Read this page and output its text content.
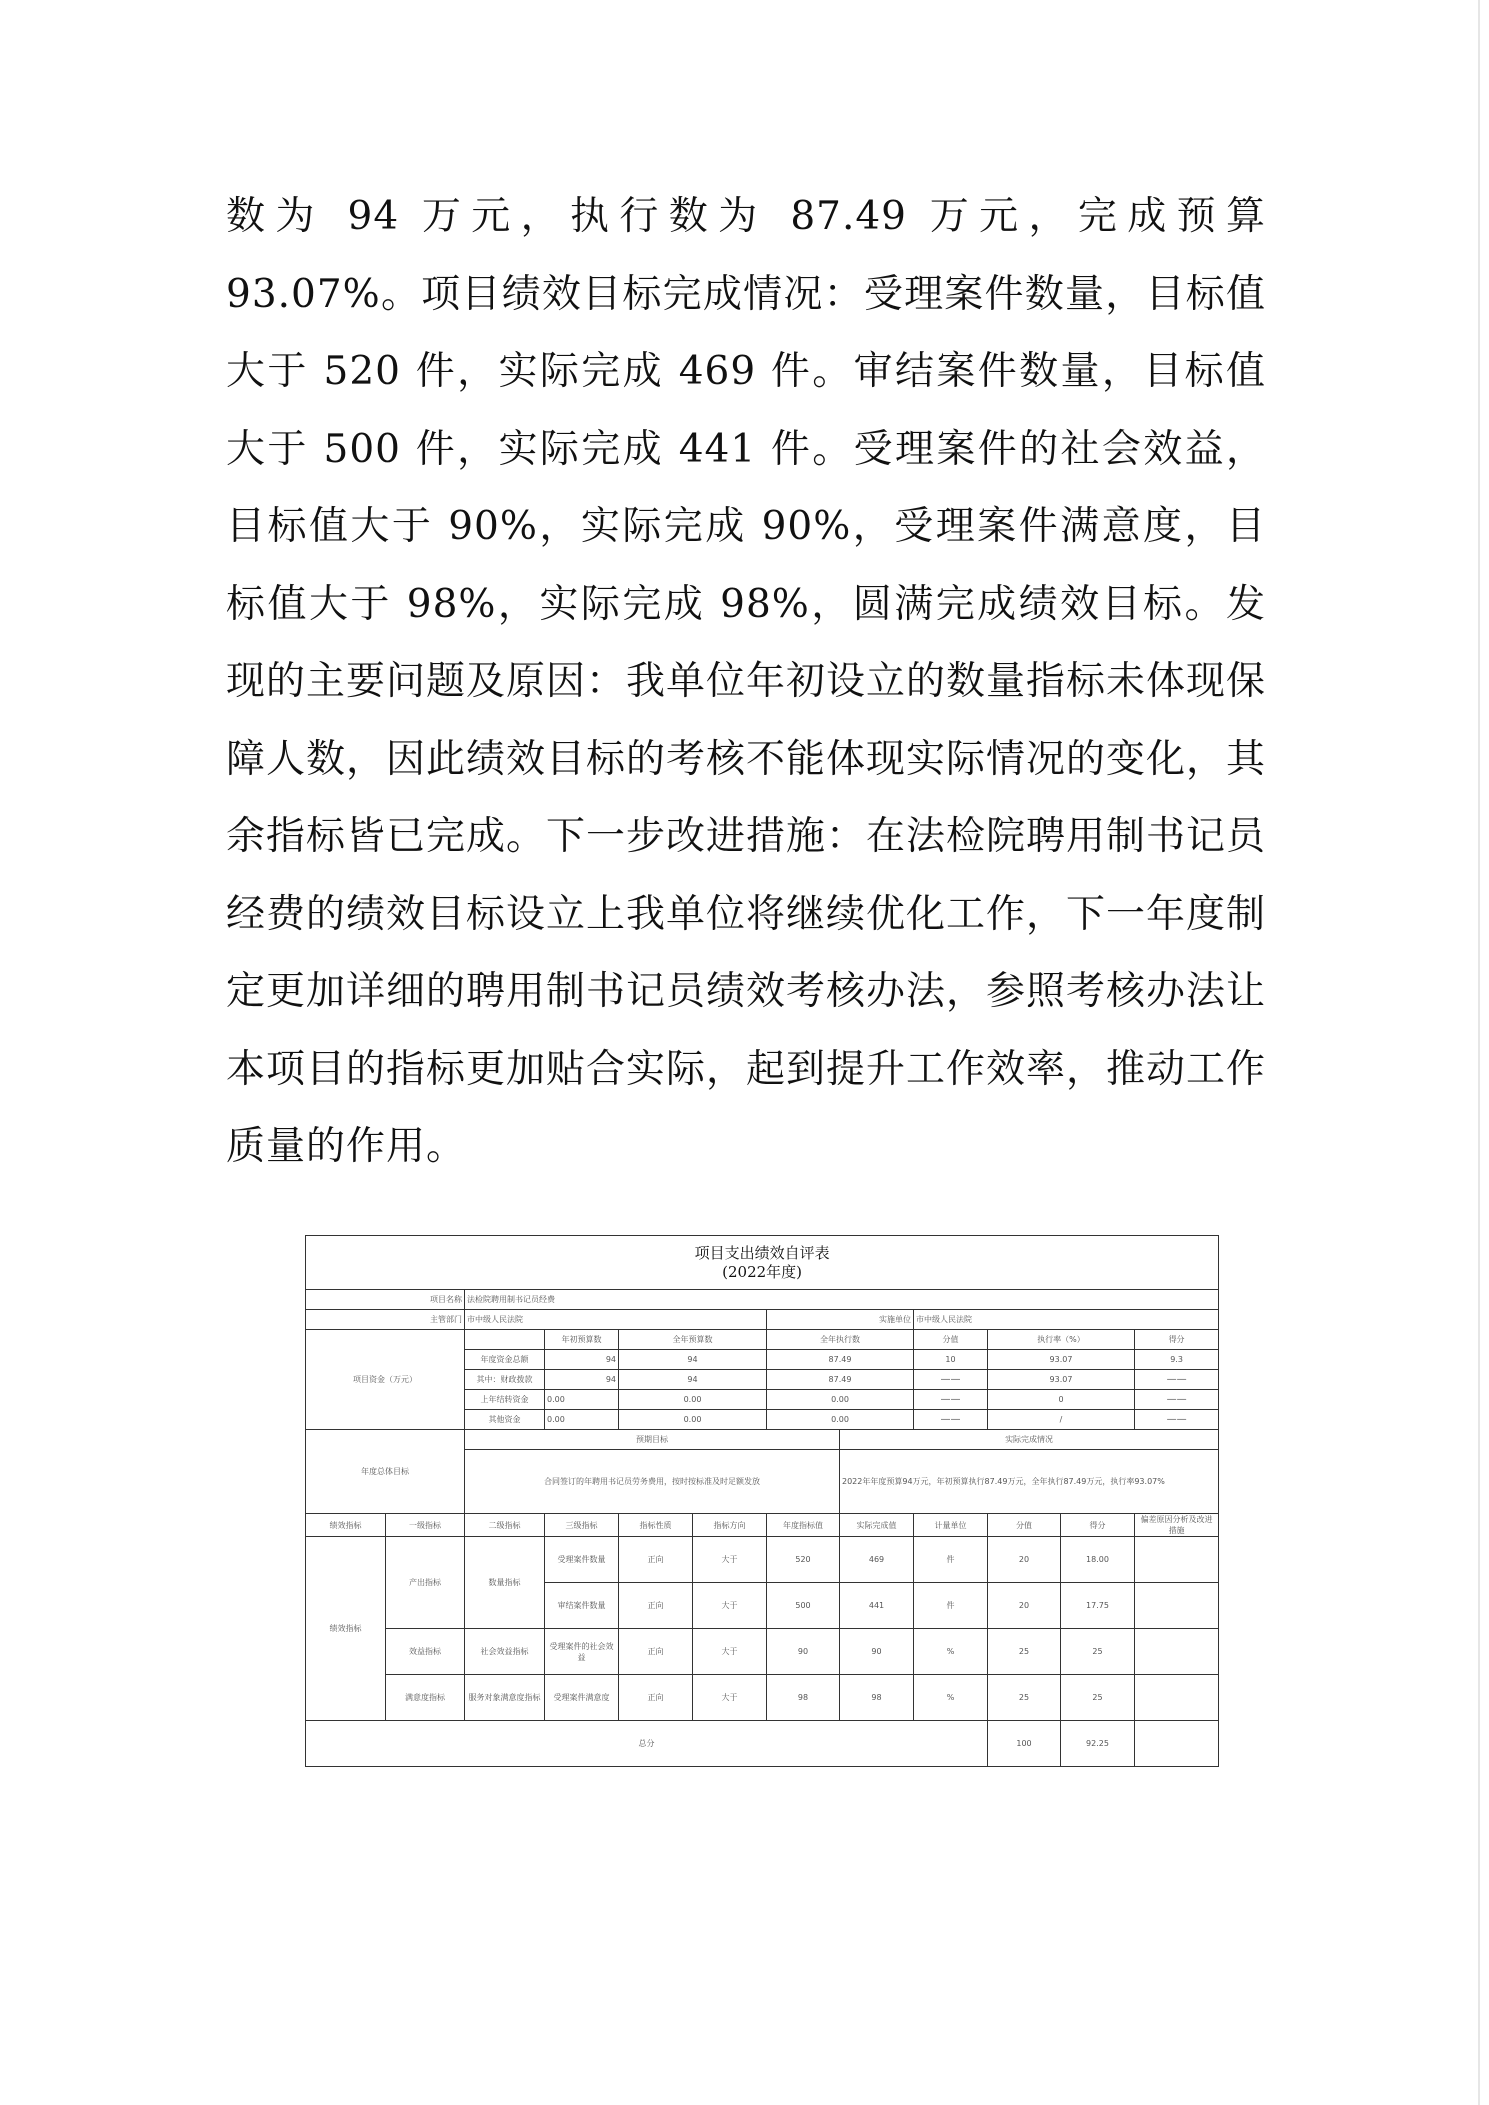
数为 94 万元，执行数为 87.49 万元，完成预算 93.07%。项目绩效目标完成情况：受理案件数量，目标值大于 520 件，实际完成 469 件。审结案件数量，目标值大于 500 件，实际完成 441 件。受理案件的社会效益，目标值大于 90%，实际完成 90%，受理案件满意度，目标值大于 98%，实际完成 98%，圆满完成绩效目标。发现的主要问题及原因：我单位年初设立的数量指标未体现保障人数，因此绩效目标的考核不能体现实际情况的变化，其余指标皆已完成。下一步改进措施：在法检院聘用制书记员经费的绩效目标设立上我单位将继续优化工作，下一年度制定更加详细的聘用制书记员绩效考核办法，参照考核办法让本项目的指标更加贴合实际，起到提升工作效率，推动工作质量的作用。

项目支出绩效自评表
(2022年度)											

项目名称		法检院聘用制书记员经费									
主管部门		市中级人民法院				实施单位		市中级人民法院			
项目资金（万元）			年初预算数	全年预算数		全年执行数		分值	执行率（%）		得分
		年度资金总额	94	94		87.49		10	93.07		9.3
		其中：财政拨款	94	94		87.49		——	93.07		——
		上年结转资金	0.00	0.00		0.00		——	0		——
		其他资金	0.00	0.00		0.00		——	/		——
年度总体目标		预期目标					实际完成情况				
		合同签订的年聘用书记员劳务费用，按时按标准及时足额发放					2022年年度预算94万元，年初预算执行87.49万元，全年执行87.49万元，执行率93.07%				
绩效指标	一级指标	二级指标	三级指标	指标性质	指标方向	年度指标值	实际完成值	计量单位	分值	得分	偏差原因分析及改进措施
绩效指标	产出指标	数量指标	受理案件数量	正向	大于	520	469	件	20	18.00	
			审结案件数量	正向	大于	500	441	件	20	17.75	
	效益指标	社会效益指标	受理案件的社会效益	正向	大于	90	90	%	25	25	
	满意度指标	服务对象满意度指标	受理案件满意度	正向	大于	98	98	%	25	25	
总分									100	92.25	
